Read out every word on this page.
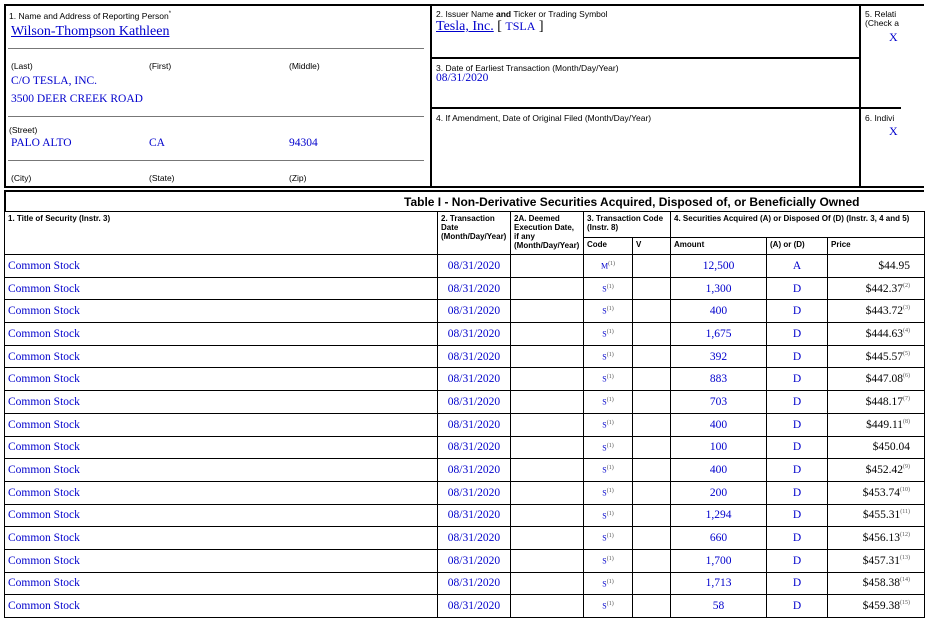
1. Name and Address of Reporting Person*
Wilson-Thompson Kathleen
(Last)	(First)	(Middle)
C/O TESLA, INC.
3500 DEER CREEK ROAD
(Street)
PALO ALTO	CA	94304
(City)	(State)	(Zip)
2. Issuer Name and Ticker or Trading Symbol
Tesla, Inc. [ TSLA ]
3. Date of Earliest Transaction (Month/Day/Year)
08/31/2020
4. If Amendment, Date of Original Filed (Month/Day/Year)
5. Relati
(Check a
X
6. Indivi
X
Table I - Non-Derivative Securities Acquired, Disposed of, or Beneficially Owned
1. Title of Security (Instr. 3)	2. Transaction Date (Month/Day/Year)	2A. Deemed Execution Date, if any (Month/Day/Year)	3. Transaction Code (Instr. 8)		4. Securities Acquired (A) or Disposed Of (D) (Instr. 3, 4 and 5)		
			Code	V	Amount	(A) or (D)	Price
Common Stock	08/31/2020		$M^{(1)}$		12,500	A	$44.95
Common Stock	08/31/2020		$S^{(1)}$		1,300	D	$442.37$^{(2)}$
Common Stock	08/31/2020		$S^{(1)}$		400	D	$443.72$^{(3)}$
Common Stock	08/31/2020		$S^{(1)}$		1,675	D	$444.63$^{(4)}$
Common Stock	08/31/2020		$S^{(1)}$		392	D	$445.57$^{(5)}$
Common Stock	08/31/2020		$S^{(1)}$		883	D	$447.08$^{(6)}$
Common Stock	08/31/2020		$S^{(1)}$		703	D	$448.17$^{(7)}$
Common Stock	08/31/2020		$S^{(1)}$		400	D	$449.11$^{(8)}$
Common Stock	08/31/2020		$S^{(1)}$		100	D	$450.04
Common Stock	08/31/2020		$S^{(1)}$		400	D	$452.42$^{(9)}$
Common Stock	08/31/2020		$S^{(1)}$		200	D	$453.74$^{(10)}$
Common Stock	08/31/2020		$S^{(1)}$		1,294	D	$455.31$^{(11)}$
Common Stock	08/31/2020		$S^{(1)}$		660	D	$456.13$^{(12)}$
Common Stock	08/31/2020		$S^{(1)}$		1,700	D	$457.31$^{(13)}$
Common Stock	08/31/2020		$S^{(1)}$		1,713	D	$458.38$^{(14)}$
Common Stock	08/31/2020		$S^{(1)}$		58	D	$459.38$^{(15)}$
